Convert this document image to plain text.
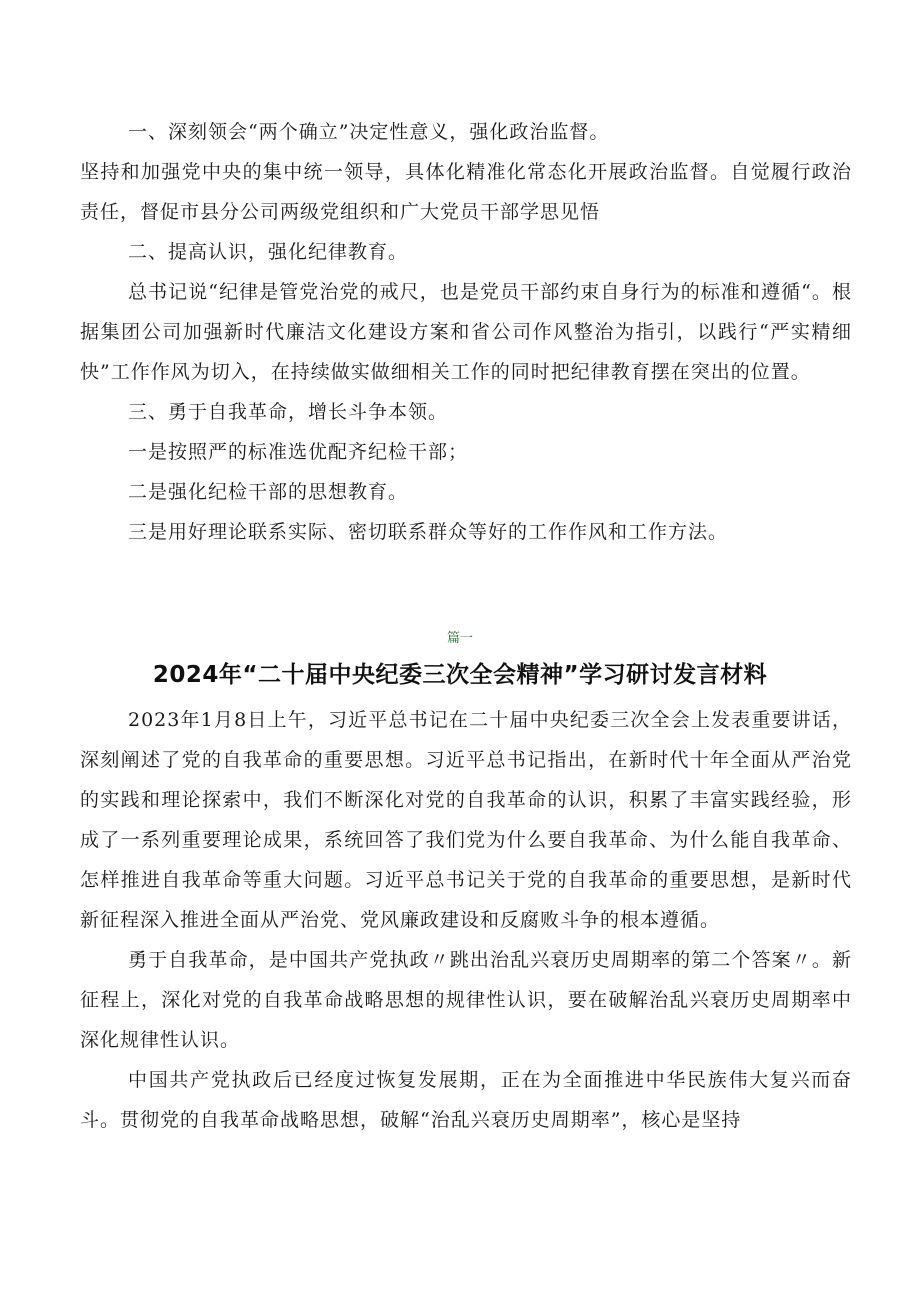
一、深刻领会“两个确立”决定性意义，强化政治监督。

坚持和加强党中央的集中统一领导，具体化精准化常态化开展政治监督。自觉履行政治责任，督促市县分公司两级党组织和广大党员干部学思见悟

二、提高认识，强化纪律教育。

总书记说“纪律是管党治党的戒尺，也是党员干部约束自身行为的标准和遵循“。根据集团公司加强新时代廉洁文化建设方案和省公司作风整治为指引，以践行“严实精细快”工作作风为切入，在持续做实做细相关工作的同时把纪律教育摆在突出的位置。

三、勇于自我革命，增长斗争本领。

一是按照严的标准选优配齐纪检干部；

二是强化纪检干部的思想教育。

三是用好理论联系实际、密切联系群众等好的工作作风和工作方法。

篇一
2024年“二十届中央纪委三次全会精神”学习研讨发言材料

2023年1月8日上午，习近平总书记在二十届中央纪委三次全会上发表重要讲话，深刻阐述了党的自我革命的重要思想。习近平总书记指出，在新时代十年全面从严治党的实践和理论探索中，我们不断深化对党的自我革命的认识，积累了丰富实践经验，形成了一系列重要理论成果，系统回答了我们党为什么要自我革命、为什么能自我革命、怎样推进自我革命等重大问题。习近平总书记关于党的自我革命的重要思想，是新时代新征程深入推进全面从严治党、党风廉政建设和反腐败斗争的根本遵循。

勇于自我革命，是中国共产党执政〃跳出治乱兴衰历史周期率的第二个答案〃。新征程上，深化对党的自我革命战略思想的规律性认识，要在破解治乱兴衰历史周期率中深化规律性认识。

中国共产党执政后已经度过恢复发展期，正在为全面推进中华民族伟大复兴而奋斗。贯彻党的自我革命战略思想，破解“治乱兴衰历史周期率”，核心是坚持
